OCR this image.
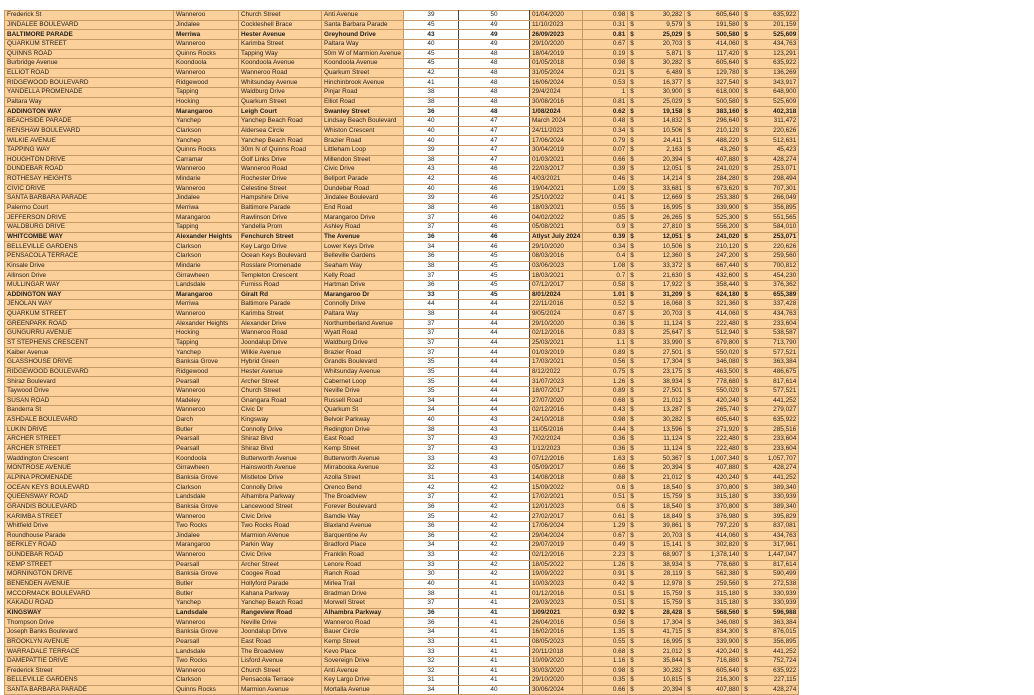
Frederick St	Wanneroo	Church Street	Anti Avenue	39	50	01/04/2020	0.98	$ 30,282	$ 605,640	$ 635,922

JINDALEE BOULEVARD	Jindalee	Cockleshell Brace	Santa Barbara Parade	45	49	11/10/2023	0.31	$ 9,579	$ 191,580	$ 201,159

BALTIMORE PARADE	Merriwa	Hester Avenue	Greyhound Drive	43	49	26/09/2023	0.81	$ 25,029	$ 500,580	$ 525,609

QUARKUM STREET	Wanneroo	Karimba Street	Paltara Way	40	49	29/10/2020	0.67	$ 20,703	$ 414,060	$ 434,763

QUINNS ROAD	Quinns Rocks	Tapping Way	50m W of Marmion Avenue	45	48	18/04/2019	0.19	$ 5,871	$ 117,420	$ 123,291

Burbridge Avenue	Koondoola	Koondoola Avenue	Koondoola Avenue	45	48	01/05/2018	0.98	$ 30,282	$ 605,640	$ 635,922

ELLIOT ROAD	Wanneroo	Wanneroo Road	Quarkum Street	42	48	31/05/2024	0.21	$ 6,489	$ 129,780	$ 136,269

RIDGEWOOD BOULEVARD	Ridgewood	Whitsunday Avenue	Hinchinbrook Avenue	41	48	16/06/2024	0.53	$ 16,377	$ 327,540	$ 343,917

YANDELLA PROMENADE	Tapping	Waldburg Drive	Pinjar Road	38	48	29/4/2024	1	$ 30,900	$ 618,000	$ 648,900

Paltara Way	Hocking	Quarkum Street	Elliot Road	38	48	30/08/2016	0.81	$ 25,029	$ 500,580	$ 525,609

ADDINGTON WAY	Marangaroo	Leigh Court	Swanley Street	36	48	1/08/2024	0.62	$ 19,158	$ 383,160	$ 402,318

BEACHSIDE PARADE	Yanchep	Yanchep Beach Road	Lindsay Beach Boulevard	40	47	March 2024	0.48	$ 14,832	$ 296,640	$ 311,472

RENSHAW BOULEVARD	Clarkson	Aldersea Circle	Whiston Crescent	40	47	24/11/2023	0.34	$ 10,506	$ 210,120	$ 220,626

WILKIE AVENUE	Yanchep	Yanchep Beach Road	Brazier Road	40	47	17/06/2024	0.79	$ 24,411	$ 488,220	$ 512,631

TAPPING WAY	Quinns Rocks	30m N of Quinns Road	Littleham Loop	39	47	30/04/2019	0.07	$ 2,163	$ 43,260	$ 45,423

HOUGHTON DRIVE	Carramar	Golf Links Drive	Millendon Street	38	47	01/03/2021	0.66	$ 20,394	$ 407,880	$ 428,274

DUNDEBAR ROAD	Wanneroo	Wanneroo Road	Civic Drive	43	46	22/03/2017	0.39	$ 12,051	$ 241,020	$ 253,071

ROTHESAY HEIGHTS	Mindarie	Rochester Drive	Bellport Parade	42	46	4/03/2021	0.46	$ 14,214	$ 284,280	$ 298,494

CIVIC DRIVE	Wanneroo	Celestine Street	Dundebar Road	40	46	19/04/2021	1.09	$ 33,681	$ 673,620	$ 707,301

SANTA BARBARA PARADE	Jindalee	Hampshire Drive	Jindalee Boulevard	39	46	25/10/2022	0.41	$ 12,669	$ 253,380	$ 266,049

Palermo Court	Merriwa	Baltimore Parade	End Road	38	46	18/03/2021	0.55	$ 16,995	$ 339,900	$ 356,895

JEFFERSON DRIVE	Marangaroo	Rawlinson Drive	Marangaroo Drive	37	46	04/02/2022	0.85	$ 26,265	$ 525,300	$ 551,565

WALDBURG DRIVE	Tapping	Yandella Prom	Ashley Road	37	46	05/08/2021	0.9	$ 27,810	$ 556,200	$ 584,010

WHITCOMBE WAY	Alexander Heights	Fenchurch Street	The Avenue	36	46	Atlyst July 2024	0.39	$ 12,051	$ 241,020	$ 253,071

BELLEVILLE GARDENS	Clarkson	Key Largo Drive	Lower Keys Drive	34	46	29/10/2020	0.34	$ 10,506	$ 210,120	$ 220,626

PENSACOLA TERRACE	Clarkson	Ocean Keys Boulevard	Belleville Gardens	36	45	08/03/2016	0.4	$ 12,360	$ 247,200	$ 259,560

Kinsale Drive	Mindarie	Rosslare Promenade	Seaham Way	38	45	03/06/2023	1.08	$ 33,372	$ 667,440	$ 700,812

Allinson Drive	Girrawheen	Templeton Crescent	Kelly Road	37	45	18/03/2021	0.7	$ 21,630	$ 432,600	$ 454,230

MULLINGAR WAY	Landsdale	Furniss Road	Hartman Drive	36	45	07/12/2017	0.58	$ 17,922	$ 358,440	$ 376,362

ADDINGTON WAY	Marangaroo	Giralt Rd	Marangaroo Dr	33	45	8/01/2024	1.01	$ 31,209	$ 624,180	$ 655,389

JENOLAN WAY	Merriwa	Baltimore Parade	Connolly Drive	44	44	22/11/2016	0.52	$ 16,068	$ 321,360	$ 337,428

QUARKUM STREET	Wanneroo	Karimba Street	Paltara Way	38	44	9/05/2024	0.67	$ 20,703	$ 414,060	$ 434,763

GREENPARK ROAD	Alexander Heights	Alexander Drive	Northumberland Avenue	37	44	29/10/2020	0.36	$ 11,124	$ 222,480	$ 233,604

GUNGURRU AVENUE	Hocking	Wanneroo Road	Wyatt Road	37	44	02/12/2016	0.83	$ 25,647	$ 512,940	$ 538,587

ST STEPHENS CRESCENT	Tapping	Joondalup Drive	Waldburg Drive	37	44	25/03/2021	1.1	$ 33,990	$ 679,800	$ 713,790

Kaiber Avenue	Yanchep	Wilkie Avenue	Brazier Road	37	44	01/03/2019	0.89	$ 27,501	$ 550,020	$ 577,521

GLASSHOUSE DRIVE	Banksia Grove	Hybrid Green	Grandis Boulevard	35	44	17/03/2021	0.56	$ 17,304	$ 346,080	$ 363,384

RIDGEWOOD BOULEVARD	Ridgewood	Hester Avenue	Whitsunday Avenue	35	44	8/12/2022	0.75	$ 23,175	$ 463,500	$ 486,675

Shiraz Boulevard	Pearsall	Archer Street	Cabernet Loop	35	44	31/07/2023	1.26	$ 38,934	$ 778,680	$ 817,614

Taywood Drive	Wanneroo	Church Street	Neville Drive	35	44	18/07/2017	0.89	$ 27,501	$ 550,020	$ 577,521

SUSAN ROAD	Madeley	Gnangara Road	Russell Road	34	44	27/07/2020	0.68	$ 21,012	$ 420,240	$ 441,252

Banderra St	Wanneroo	Civic Dr	Quarkum St	34	44	02/12/2016	0.43	$ 13,287	$ 265,740	$ 279,027

ASHDALE BOULEVARD	Darch	Kingsway	Belvoir Parkway	40	43	24/10/2018	0.98	$ 30,282	$ 605,640	$ 635,922

LUKIN DRIVE	Butler	Connolly Drive	Redington Drive	38	43	11/05/2016	0.44	$ 13,596	$ 271,920	$ 285,516

ARCHER STREET	Pearsall	Shiraz Blvd	East Road	37	43	7/02/2024	0.36	$ 11,124	$ 222,480	$ 233,604

ARCHER STREET	Pearsall	Shiraz Blvd	Kemp Street	37	43	1/12/2023	0.36	$ 11,124	$ 222,480	$ 233,604

Waddington Crescent	Koondoola	Butterworth Avenue	Butterworth Avenue	33	43	07/12/2016	1.63	$ 50,367	$ 1,007,340	$ 1,057,707

MONTROSE AVENUE	Girrawheen	Hainsworth Avenue	Mirrabooka Avenue	32	43	05/09/2017	0.66	$ 20,394	$ 407,880	$ 428,274

ALPINA PROMENADE	Banksia Grove	Mistletoe Drive	Azolla Street	31	43	14/08/2018	0.68	$ 21,012	$ 420,240	$ 441,252

OCEAN KEYS BOULEVARD	Clarkson	Connolly Drive	Orenco Bend	42	42	15/09/2022	0.6	$ 18,540	$ 370,800	$ 389,340

QUEENSWAY ROAD	Landsdale	Alhambra Parkway	The Broadview	37	42	17/02/2021	0.51	$ 15,759	$ 315,180	$ 330,939

GRANDIS BOULEVARD	Banksia Grove	Lancewood Street	Forever Boulevard	36	42	12/01/2023	0.6	$ 18,540	$ 370,800	$ 389,340

KARIMBA STREET	Wanneroo	Civic Drive	Bamdie Way	35	42	27/02/2017	0.61	$ 18,849	$ 376,980	$ 395,829

Whitfield Drive	Two Rocks	Two Rocks Road	Blaxland Avenue	36	42	17/06/2024	1.29	$ 39,861	$ 797,220	$ 837,081

Roundhouse Parade	Jindalee	Marmion AVenue	Barquentine Av	36	42	29/04/2024	0.67	$ 20,703	$ 414,060	$ 434,763

BERKLEY ROAD	Marangaroo	Parkin Way	Bradford Place	34	42	29/07/2019	0.49	$ 15,141	$ 302,820	$ 317,961

DUNDEBAR ROAD	Wanneroo	Civic Drive	Franklin Road	33	42	02/12/2016	2.23	$ 68,907	$ 1,378,140	$ 1,447,047

KEMP STREET	Pearsall	Archer Street	Lenore Road	33	42	18/05/2022	1.26	$ 38,934	$ 778,680	$ 817,614

MORNINGTON DRIVE	Banksia Grove	Coogee Road	Ranch Road	30	42	19/09/2022	0.91	$ 28,119	$ 562,380	$ 590,499

BENENDEN AVENUE	Butler	Hollyford Parade	Mirlea Trail	40	41	10/03/2023	0.42	$ 12,978	$ 259,560	$ 272,538

MCCORMACK BOULEVARD	Butler	Kahana Parkway	Bradman Drive	38	41	01/12/2016	0.51	$ 15,759	$ 315,180	$ 330,939

KAKADU ROAD	Yanchep	Yanchep Beach Road	Morwell Street	37	41	29/03/2023	0.51	$ 15,759	$ 315,180	$ 330,939

KINGSWAY	Landsdale	Rangeview Road	Alhambra Parkway	36	41	1/09/2021	0.92	$ 28,428	$ 568,560	$ 596,988

Thompson Drive	Wanneroo	Neville Drive	Wanneroo Road	36	41	26/04/2016	0.56	$ 17,304	$ 346,080	$ 363,384

Joseph Banks Boulevard	Banksia Grove	Joondalup Drive	Bauer Circle	34	41	16/02/2016	1.35	$ 41,715	$ 834,300	$ 876,015

BROOKLYN AVENUE	Pearsall	East Road	Kemp Street	33	41	08/05/2023	0.55	$ 16,995	$ 339,900	$ 356,895

WARRADALE TERRACE	Landsdale	The Broadview	Kevo Place	33	41	20/11/2018	0.68	$ 21,012	$ 420,240	$ 441,252

DAMEPATTIE DRIVE	Two Rocks	Lisford Avenue	Sovereign Drive	32	41	10/09/2020	1.16	$ 35,844	$ 716,880	$ 752,724

Frederick Street	Wanneroo	Church Street	Anti Avenue	32	41	30/03/2020	0.98	$ 30,282	$ 605,640	$ 635,922

BELLEVILLE GARDENS	Clarkson	Pensacola Terrace	Key Largo Drive	31	41	29/10/2020	0.35	$ 10,815	$ 216,300	$ 227,115

SANTA BARBARA PARADE	Quinns Rocks	Marmion Avenue	Mortalla Avenue	34	40	30/06/2024	0.66	$ 20,394	$ 407,880	$ 428,274
